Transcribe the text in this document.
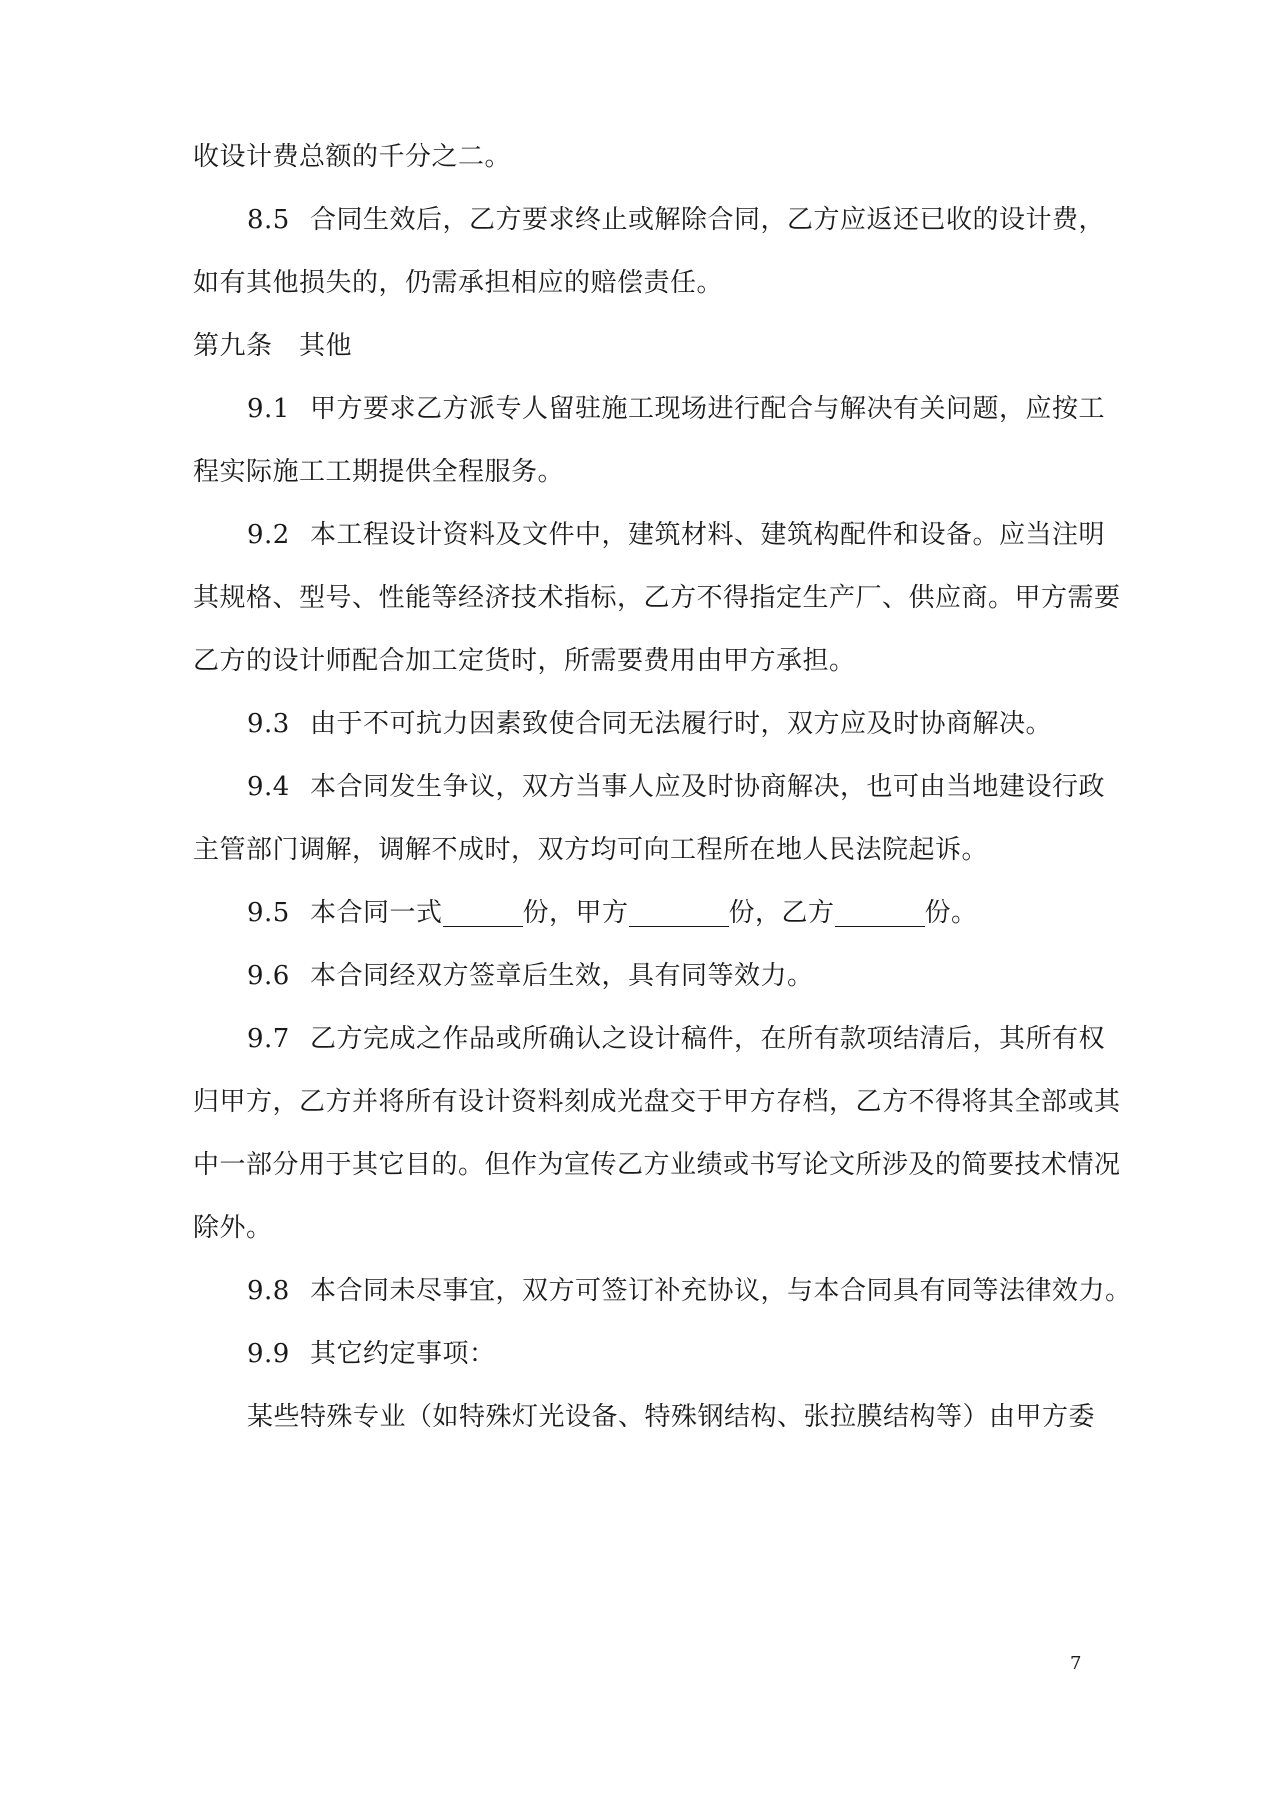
收设计费总额的千分之二。

8.5 合同生效后，乙方要求终止或解除合同，乙方应返还已收的设计费，

如有其他损失的，仍需承担相应的赔偿责任。

第九条　其他

9.1 甲方要求乙方派专人留驻施工现场进行配合与解决有关问题，应按工

程实际施工工期提供全程服务。

9.2 本工程设计资料及文件中，建筑材料、建筑构配件和设备。应当注明

其规格、型号、性能等经济技术指标，乙方不得指定生产厂、供应商。甲方需要

乙方的设计师配合加工定货时，所需要费用由甲方承担。

9.3 由于不可抗力因素致使合同无法履行时，双方应及时协商解决。

9.4 本合同发生争议，双方当事人应及时协商解决，也可由当地建设行政

主管部门调解，调解不成时，双方均可向工程所在地人民法院起诉。

9.5 本合同一式	份，甲方	份，乙方	份。

9.6 本合同经双方签章后生效，具有同等效力。

9.7 乙方完成之作品或所确认之设计稿件，在所有款项结清后，其所有权

归甲方，乙方并将所有设计资料刻成光盘交于甲方存档，乙方不得将其全部或其

中一部分用于其它目的。但作为宣传乙方业绩或书写论文所涉及的简要技术情况

除外。

9.8 本合同未尽事宜，双方可签订补充协议，与本合同具有同等法律效力。

9.9 其它约定事项：

某些特殊专业（如特殊灯光设备、特殊钢结构、张拉膜结构等）由甲方委

7
